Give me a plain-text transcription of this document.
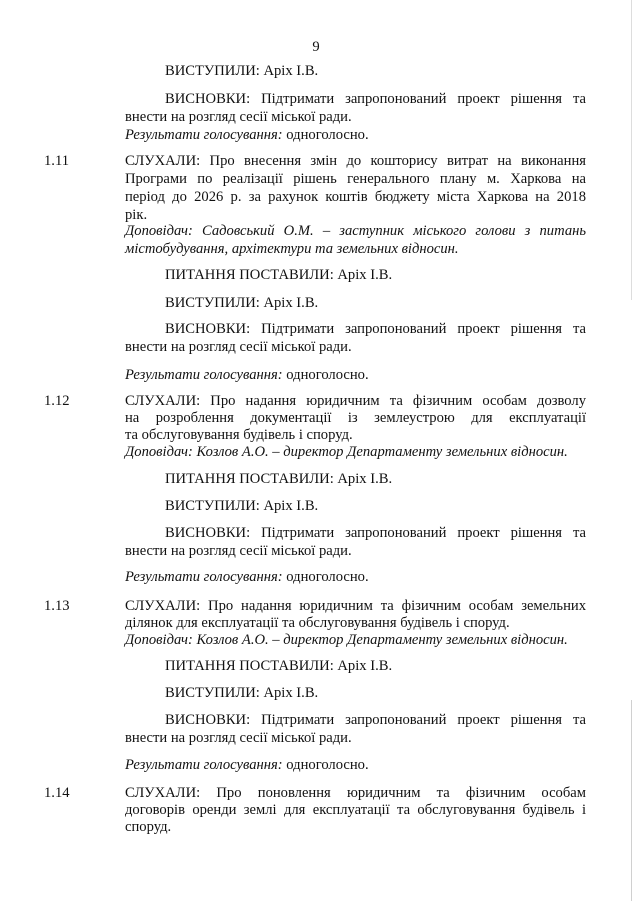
9
ВИСТУПИЛИ: Аріх І.В.
ВИСНОВКИ: Підтримати запропонований проект рішення та
внести на розгляд сесії міської ради.
Результати голосування: одноголосно.
1.11	СЛУХАЛИ: Про внесення змін до кошторису витрат на виконання
Програми по реалізації рішень генерального плану м. Харкова на
період до 2026 р. за рахунок коштів бюджету міста Харкова на 2018
рік.
Доповідач: Садовський О.М. – заступник міського голови з питань
містобудування, архітектури та земельних відносин.
ПИТАННЯ ПОСТАВИЛИ: Аріх І.В.
ВИСТУПИЛИ: Аріх І.В.
ВИСНОВКИ: Підтримати запропонований проект рішення та
внести на розгляд сесії міської ради.
Результати голосування: одноголосно.
1.12	СЛУХАЛИ: Про надання юридичним та фізичним особам дозволу
на розроблення документації із землеустрою для експлуатації
та обслуговування будівель і споруд.
Доповідач: Козлов А.О. – директор Департаменту земельних відносин.
ПИТАННЯ ПОСТАВИЛИ: Аріх І.В.
ВИСТУПИЛИ: Аріх І.В.
ВИСНОВКИ: Підтримати запропонований проект рішення та
внести на розгляд сесії міської ради.
Результати голосування: одноголосно.
1.13	СЛУХАЛИ: Про надання юридичним та фізичним особам земельних
ділянок для експлуатації та обслуговування будівель і споруд.
Доповідач: Козлов А.О. – директор Департаменту земельних відносин.
ПИТАННЯ ПОСТАВИЛИ: Аріх І.В.
ВИСТУПИЛИ: Аріх І.В.
ВИСНОВКИ: Підтримати запропонований проект рішення та
внести на розгляд сесії міської ради.
Результати голосування: одноголосно.
1.14	СЛУХАЛИ: Про поновлення юридичним та фізичним особам
договорів оренди землі для експлуатації та обслуговування будівель і
споруд.
